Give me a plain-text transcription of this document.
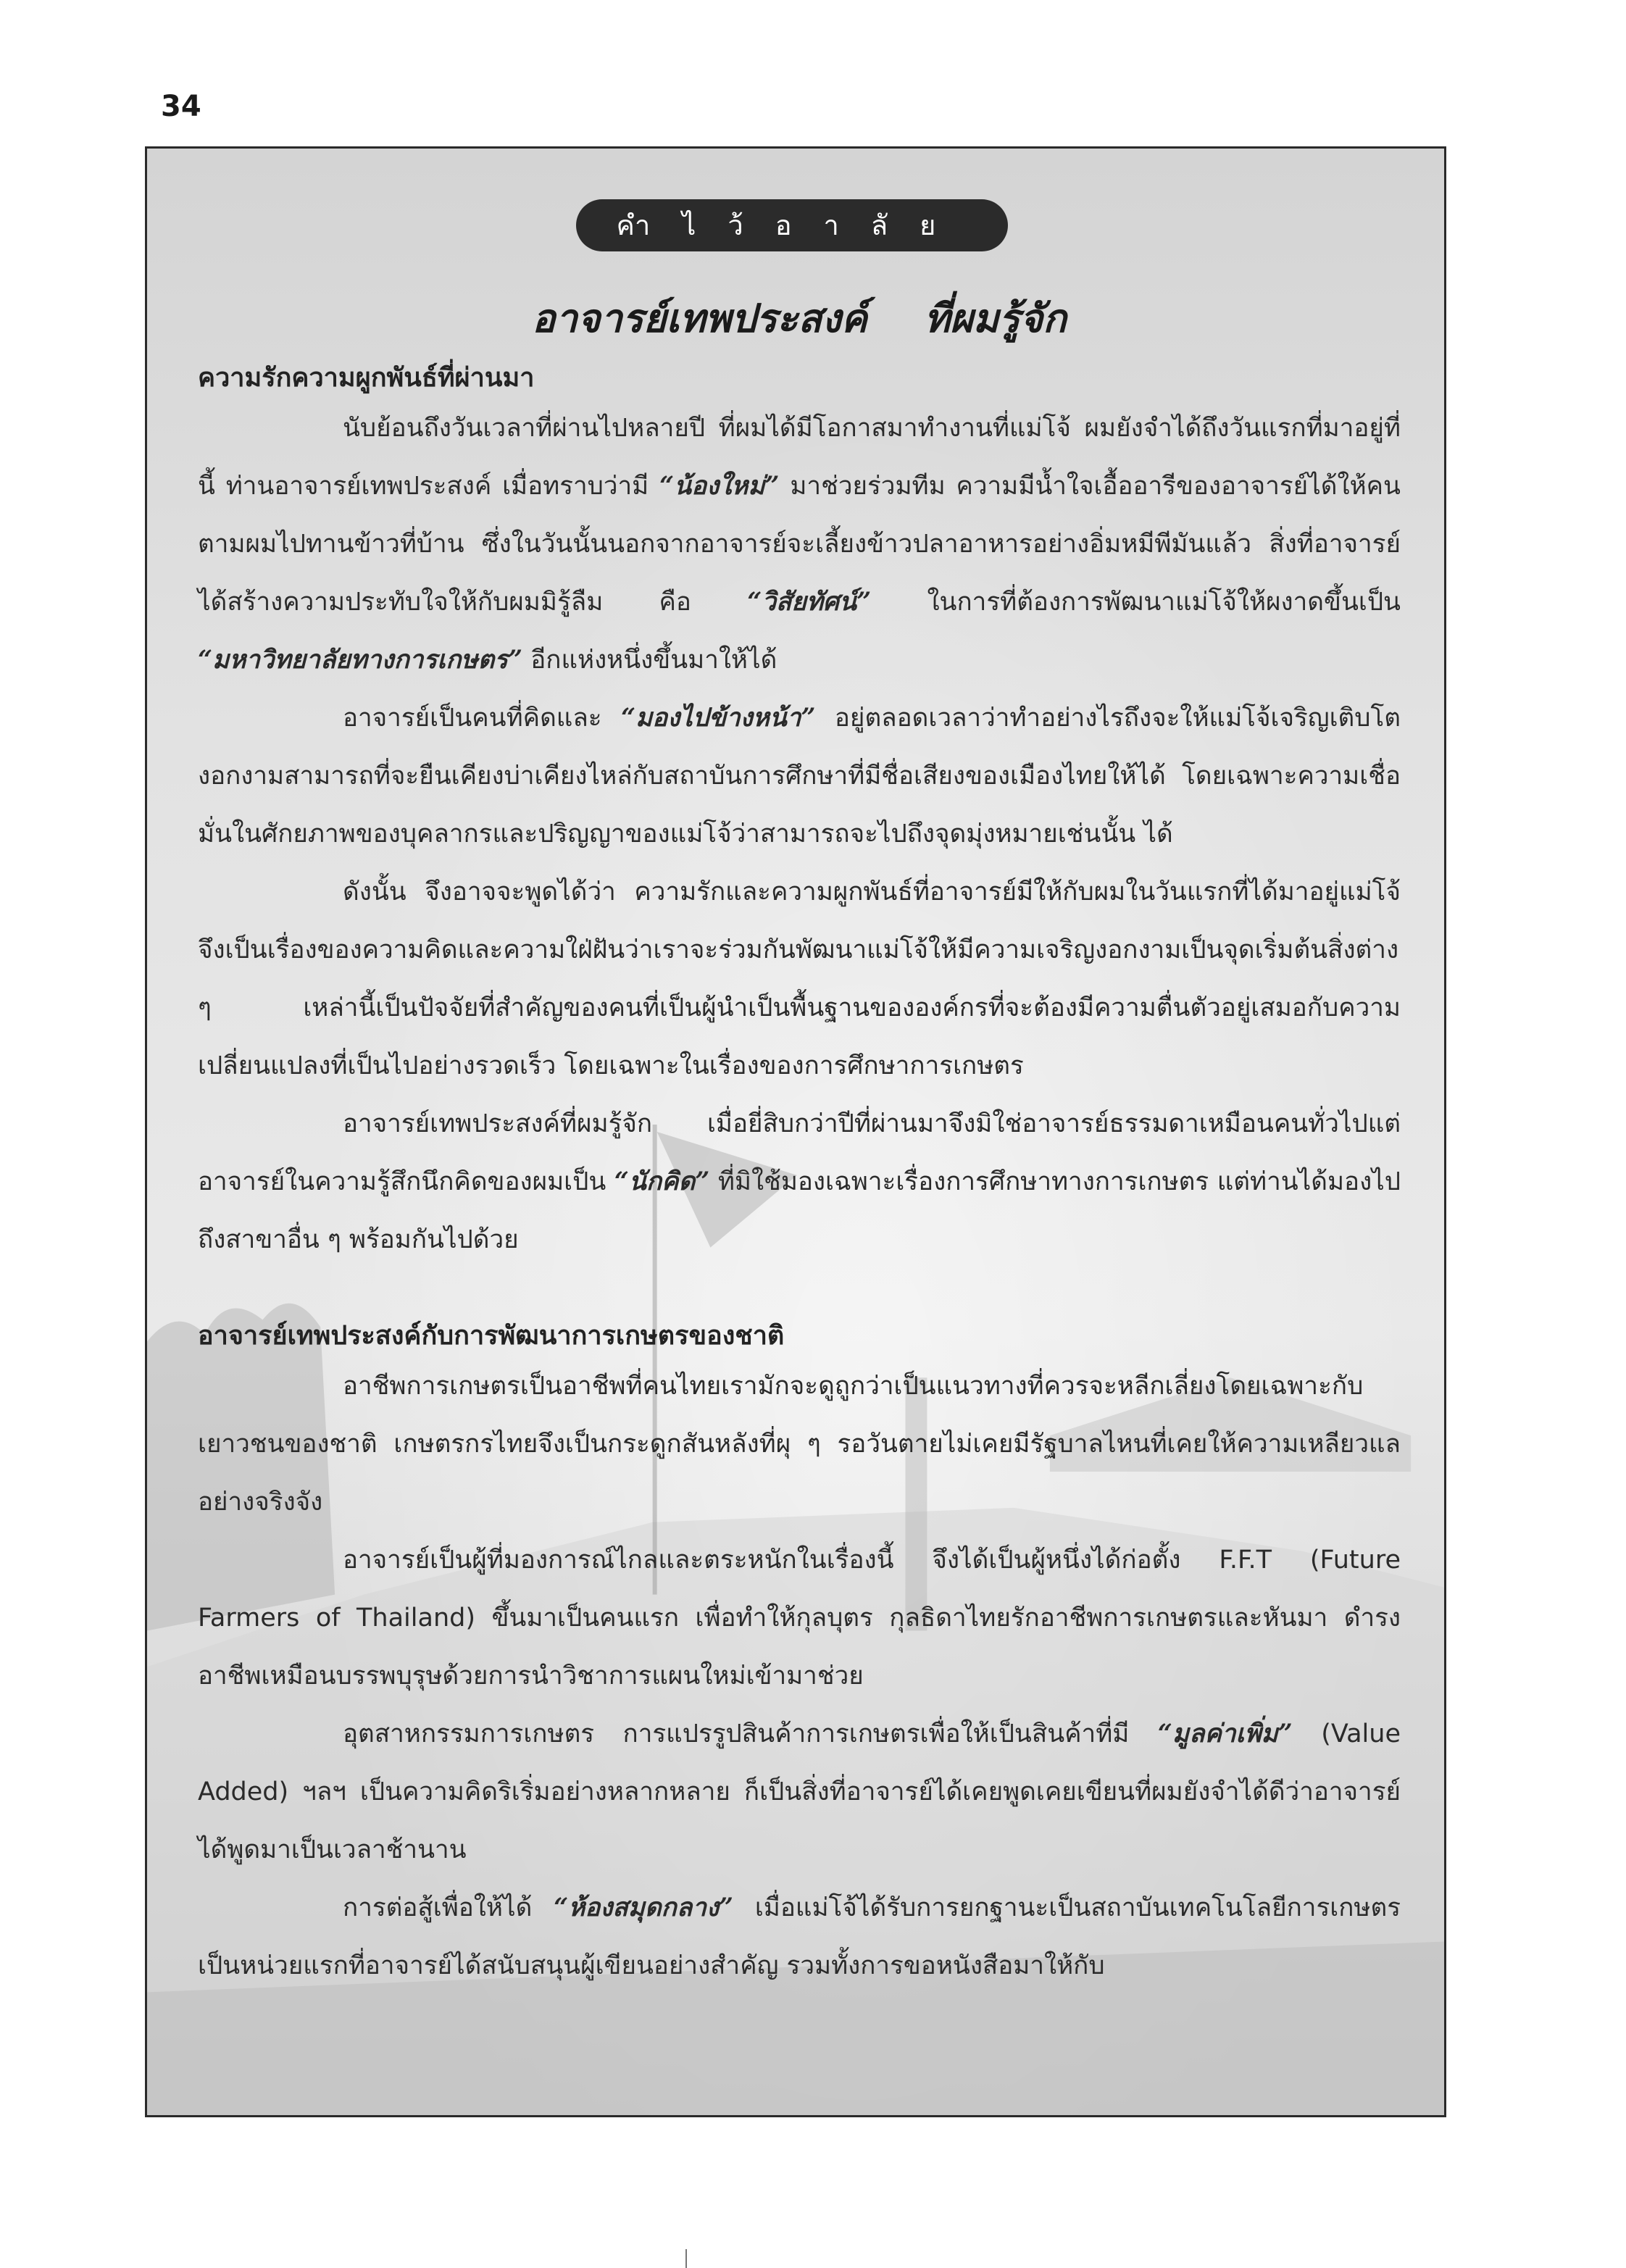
34
คำไว้อาลัย
อาจารย์เทพประสงค์ ที่ผมรู้จัก
ความรักความผูกพันธ์ที่ผ่านมา

นับย้อนถึงวันเวลาที่ผ่านไปหลายปี ที่ผมได้มีโอกาสมาทำงานที่แม่โจ้ ผมยังจำได้ถึงวันแรกที่มาอยู่ที่นี้ ท่านอาจารย์เทพประสงค์ เมื่อทราบว่ามี “น้องใหม่” มาช่วยร่วมทีม ความมีน้ำใจเอื้ออารีของอาจารย์ได้ให้คนตามผมไปทานข้าวที่บ้าน ซึ่งในวันนั้นนอกจากอาจารย์จะเลี้ยงข้าวปลาอาหารอย่างอิ่มหมีพีมันแล้ว สิ่งที่อาจารย์ได้สร้างความประทับใจให้กับผมมิรู้ลืม คือ “วิสัยทัศน์” ในการที่ต้องการพัฒนาแม่โจ้ให้ผงาดขึ้นเป็น “มหาวิทยาลัยทางการเกษตร” อีกแห่งหนึ่งขึ้นมาให้ได้

อาจารย์เป็นคนที่คิดและ “มองไปข้างหน้า” อยู่ตลอดเวลาว่าทำอย่างไรถึงจะให้แม่โจ้เจริญเติบโตงอกงามสามารถที่จะยืนเคียงบ่าเคียงไหล่กับสถาบันการศึกษาที่มีชื่อเสียงของเมืองไทยให้ได้ โดยเฉพาะความเชื่อมั่นในศักยภาพของบุคลากรและปริญญาของแม่โจ้ว่าสามารถจะไปถึงจุดมุ่งหมายเช่นนั้น ได้

ดังนั้น จึงอาจจะพูดได้ว่า ความรักและความผูกพันธ์ที่อาจารย์มีให้กับผมในวันแรกที่ได้มาอยู่แม่โจ้ จึงเป็นเรื่องของความคิดและความใฝ่ฝันว่าเราจะร่วมกันพัฒนาแม่โจ้ให้มีความเจริญงอกงามเป็นจุดเริ่มต้นสิ่งต่าง ๆ เหล่านี้เป็นปัจจัยที่สำคัญของคนที่เป็นผู้นำเป็นพื้นฐานขององค์กรที่จะต้องมีความตื่นตัวอยู่เสมอกับความเปลี่ยนแปลงที่เป็นไปอย่างรวดเร็ว โดยเฉพาะในเรื่องของการศึกษาการเกษตร

อาจารย์เทพประสงค์ที่ผมรู้จัก เมื่อยี่สิบกว่าปีที่ผ่านมาจึงมิใช่อาจารย์ธรรมดาเหมือนคนทั่วไปแต่อาจารย์ในความรู้สึกนึกคิดของผมเป็น “นักคิด” ที่มิใช้มองเฉพาะเรื่องการศึกษาทางการเกษตร แต่ท่านได้มองไปถึงสาขาอื่น ๆ พร้อมกันไปด้วย

อาจารย์เทพประสงค์กับการพัฒนาการเกษตรของชาติ

อาชีพการเกษตรเป็นอาชีพที่คนไทยเรามักจะดูถูกว่าเป็นแนวทางที่ควรจะหลีกเลี่ยงโดยเฉพาะกับเยาวชนของชาติ เกษตรกรไทยจึงเป็นกระดูกสันหลังที่ผุ ๆ รอวันตายไม่เคยมีรัฐบาลไหนที่เคยให้ความเหลียวแลอย่างจริงจัง

อาจารย์เป็นผู้ที่มองการณ์ไกลและตระหนักในเรื่องนี้ จึงได้เป็นผู้หนึ่งได้ก่อตั้ง F.F.T (Future Farmers of Thailand) ขึ้นมาเป็นคนแรก เพื่อทำให้กุลบุตร กุลธิดาไทยรักอาชีพการเกษตรและหันมา ดำรงอาชีพเหมือนบรรพบุรุษด้วยการนำวิชาการแผนใหม่เข้ามาช่วย

อุตสาหกรรมการเกษตร การแปรรูปสินค้าการเกษตรเพื่อให้เป็นสินค้าที่มี “มูลค่าเพิ่ม” (Value Added) ฯลฯ เป็นความคิดริเริ่มอย่างหลากหลาย ก็เป็นสิ่งที่อาจารย์ได้เคยพูดเคยเขียนที่ผมยังจำได้ดีว่าอาจารย์ได้พูดมาเป็นเวลาช้านาน

การต่อสู้เพื่อให้ได้ “ห้องสมุดกลาง” เมื่อแม่โจ้ได้รับการยกฐานะเป็นสถาบันเทคโนโลยีการเกษตร เป็นหน่วยแรกที่อาจารย์ได้สนับสนุนผู้เขียนอย่างสำคัญ รวมทั้งการขอหนังสือมาให้กับ
